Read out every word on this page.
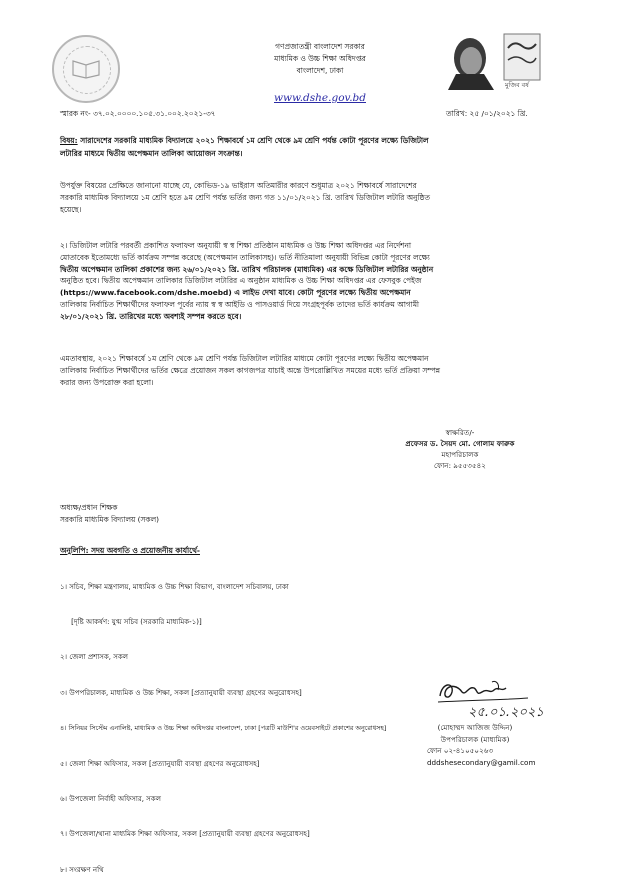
গণপ্রজাতন্ত্রী বাংলাদেশ সরকার
মাধ্যমিক ও উচ্চ শিক্ষা অধিদপ্তর
বাংলাদেশ, ঢাকা
www.dshe.gov.bd
মুজিব বর্ষ
স্মারক নং- ৩৭.০২.০০০০.১০৫.৩১.০০২.২০২১-৩৭	তারিখ: ২৫ /০১/২০২১ খ্রি.
বিষয়: সারাদেশের সরকারি মাধ্যমিক বিদ্যালয়ে ২০২১ শিক্ষাবর্ষে ১ম শ্রেণি থেকে ৯ম শ্রেণি পর্যন্ত কোটা পূরণের লক্ষ্যে ডিজিটাল
লটারির মাধ্যমে দ্বিতীয় অপেক্ষমান তালিকা আয়োজন সংক্রান্ত।
উপর্যুক্ত বিষয়ের প্রেক্ষিতে জানানো যাচ্ছে যে, কোভিড-১৯ ভাইরাস অতিমারীর কারণে শুধুমাত্র ২০২১ শিক্ষাবর্ষে সারাদেশের
সরকারি মাধ্যমিক বিদ্যালয়ে ১ম শ্রেণি হতে ৯ম শ্রেণি পর্যন্ত ভর্তির জন্য গত ১১/০১/২০২১ খ্রি. তারিখ ডিজিটাল লটারি অনুষ্ঠিত
হয়েছে।
২। ডিজিটাল লটারি পরবর্তী প্রকাশিত ফলাফল অনুযায়ী স্ব স্ব শিক্ষা প্রতিষ্ঠান মাধ্যমিক ও উচ্চ শিক্ষা অধিদপ্তর এর নির্দেশনা
মোতাবেক ইতোমধ্যে ভর্তি কার্যক্রম সম্পন্ন করেছে (অপেক্ষমান তালিকাসহ)। ভর্তি নীতিমালা অনুযায়ী বিভিন্ন কোটা পূরণের লক্ষ্যে
দ্বিতীয় অপেক্ষমান তালিকা প্রকাশের জন্য ২৬/০১/২০২১ খ্রি. তারিখ পরিচালক (মাধ্যমিক) এর কক্ষে ডিজিটাল লটারির অনুষ্ঠান
অনুষ্ঠিত হবে। দ্বিতীয় অপেক্ষমান তালিকার ডিজিটাল লটারির এ অনুষ্ঠান মাধ্যমিক ও উচ্চ শিক্ষা অধিদপ্তর এর ফেসবুক পেইজ
(https://www.facebook.com/dshe.moebd) এ লাইভ দেখা যাবে। কোটা পূরণের লক্ষ্যে দ্বিতীয় অপেক্ষমান
তালিকায় নির্বাচিত শিক্ষার্থীদের ফলাফল পূর্বের ন্যায় স্ব স্ব আইডি ও পাসওয়ার্ড দিয়ে সংগ্রহপূর্বক তাদের ভর্তি কার্যক্রম আগামী
২৮/০১/২০২১ খ্রি. তারিখের মধ্যে অবশ্যই সম্পন্ন করতে হবে।
এমতাবস্থায়, ২০২১ শিক্ষাবর্ষে ১ম শ্রেণি থেকে ৯ম শ্রেণি পর্যন্ত ডিজিটাল লটারির মাধ্যমে কোটা পূরণের লক্ষ্যে দ্বিতীয় অপেক্ষমান
তালিকায় নির্বাচিত শিক্ষার্থীদের ভর্তির ক্ষেত্রে প্রয়োজন সকল কাগজপত্র যাচাই অন্তে উপরোল্লিখিত সময়ের মধ্যে ভর্তি প্রক্রিয়া সম্পন্ন
করার জন্য উপরোক্ত করা হলো।
স্বাক্ষরিত/-
প্রফেসর ড. সৈয়দ মো. গোলাম ফারুক
মহাপরিচালক
ফোন: ৯৫৫৩৫৪২
অধ্যক্ষ/প্রধান শিক্ষক
সরকারি মাধ্যমিক বিদ্যালয় (সকল)
অনুলিপি: সদয় অবগতি ও প্রয়োজনীয় কার্যার্থে-

১। সচিব, শিক্ষা মন্ত্রণালয়, মাধ্যমিক ও উচ্চ শিক্ষা বিভাগ, বাংলাদেশ সচিবালয়, ঢাকা

[দৃষ্টি আকর্ষণ: যুগ্ম সচিব (সরকারি মাধ্যমিক-১)]

২। জেলা প্রশাসক, সকল

৩। উপপরিচালক, মাধ্যমিক ও উচ্চ শিক্ষা, সকল [প্রত্যানুযায়ী ব্যবস্থা গ্রহণের অনুরোধসহ]

৪। সিনিয়র সিস্টেম এনালিষ্ট, মাধ্যমিক ও উচ্চ শিক্ষা অধিদপ্তর বাংলাদেশ, ঢাকা [পত্রটি মাউশি'র ওয়েবসাইটে প্রকাশের অনুরোধসহ]

৫। জেলা শিক্ষা অফিসার, সকল [প্রত্যানুযায়ী ব্যবস্থা গ্রহণের অনুরোধসহ]

৬। উপজেলা নির্বাহী অফিসার, সকল

৭। উপজেলা/থানা মাধ্যমিক শিক্ষা অফিসার, সকল [প্রত্যানুযায়ী ব্যবস্থা গ্রহণের অনুরোধসহ]

৮। সংরক্ষণ নথি

২৫.০১.২০২১
(মোহাম্মদ আজিজ উদ্দিন)
উপপরিচালক (মাধ্যমিক)
ফোন ০২-৪১০৫০২৬৩
dddshesecondary@gamil.com
